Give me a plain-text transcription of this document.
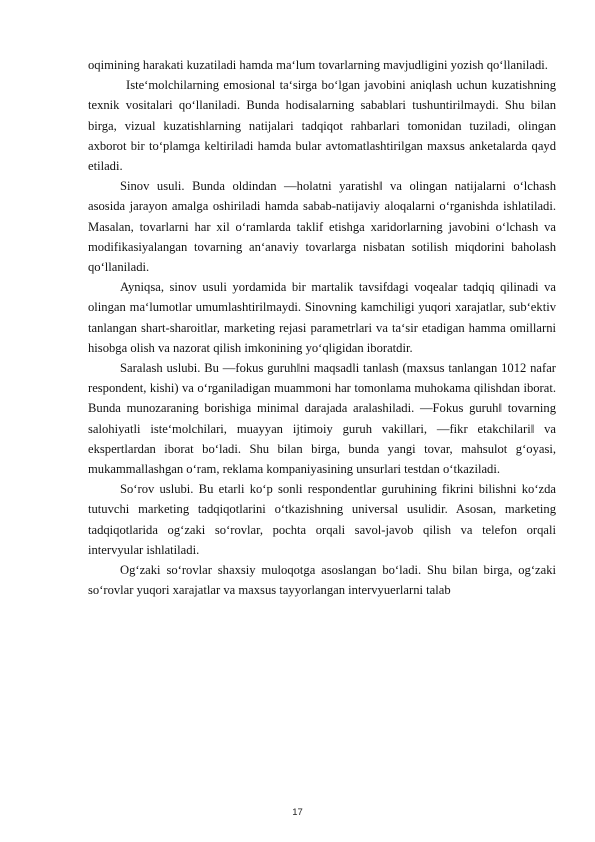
oqimining harakati kuzatiladi hamda ma‘lum tovarlarning mavjudligini yozish qo‘llaniladi.

Iste‘molchilarning emosional ta‘sirga bo‘lgan javobini aniqlash uchun kuzatishning texnik vositalari qo‘llaniladi. Bunda hodisalarning sabablari tushuntirilmaydi. Shu bilan birga, vizual kuzatishlarning natijalari tadqiqot rahbarlari tomonidan tuziladi, olingan axborot bir to‘plamga keltiriladi hamda bular avtomatlashtirilgan maxsus anketalarda qayd etiladi.

Sinov usuli. Bunda oldindan ―holatni yaratish‖ va olingan natijalarni o‘lchash asosida jarayon amalga oshiriladi hamda sabab-natijaviy aloqalarni o‘rganishda ishlatiladi. Masalan, tovarlarni har xil o‘ramlarda taklif etishga xaridorlarning javobini o‘lchash va modifikasiyalangan tovarning an‘anaviy tovarlarga nisbatan sotilish miqdorini baholash qo‘llaniladi.

Ayniqsa, sinov usuli yordamida bir martalik tavsifdagi voqealar tadqiq qilinadi va olingan ma‘lumotlar umumlashtirilmaydi. Sinovning kamchiligi yuqori xarajatlar, sub‘ektiv tanlangan shart-sharoitlar, marketing rejasi parametrlari va ta‘sir etadigan hamma omillarni hisobga olish va nazorat qilish imkonining yo‘qligidan iboratdir.

Saralash uslubi. Bu ―fokus guruh‖ni maqsadli tanlash (maxsus tanlangan 1012 nafar respondent, kishi) va o‘rganiladigan muammoni har tomonlama muhokama qilishdan iborat. Bunda munozaraning borishiga minimal darajada aralashiladi. ―Fokus guruh‖ tovarning salohiyatli iste‘molchilari, muayyan ijtimoiy guruh vakillari, ―fikr etakchilari‖ va ekspertlardan iborat bo‘ladi. Shu bilan birga, bunda yangi tovar, mahsulot g‘oyasi, mukammallashgan o‘ram, reklama kompaniyasining unsurlari testdan o‘tkaziladi.

So‘rov uslubi. Bu etarli ko‘p sonli respondentlar guruhining fikrini bilishni ko‘zda tutuvchi marketing tadqiqotlarini o‘tkazishning universal usulidir. Asosan, marketing tadqiqotlarida og‘zaki so‘rovlar, pochta orqali savol-javob qilish va telefon orqali intervyular ishlatiladi.

Og‘zaki so‘rovlar shaxsiy muloqotga asoslangan bo‘ladi. Shu bilan birga, og‘zaki so‘rovlar yuqori xarajatlar va maxsus tayyorlangan intervyuerlarni talab

17
